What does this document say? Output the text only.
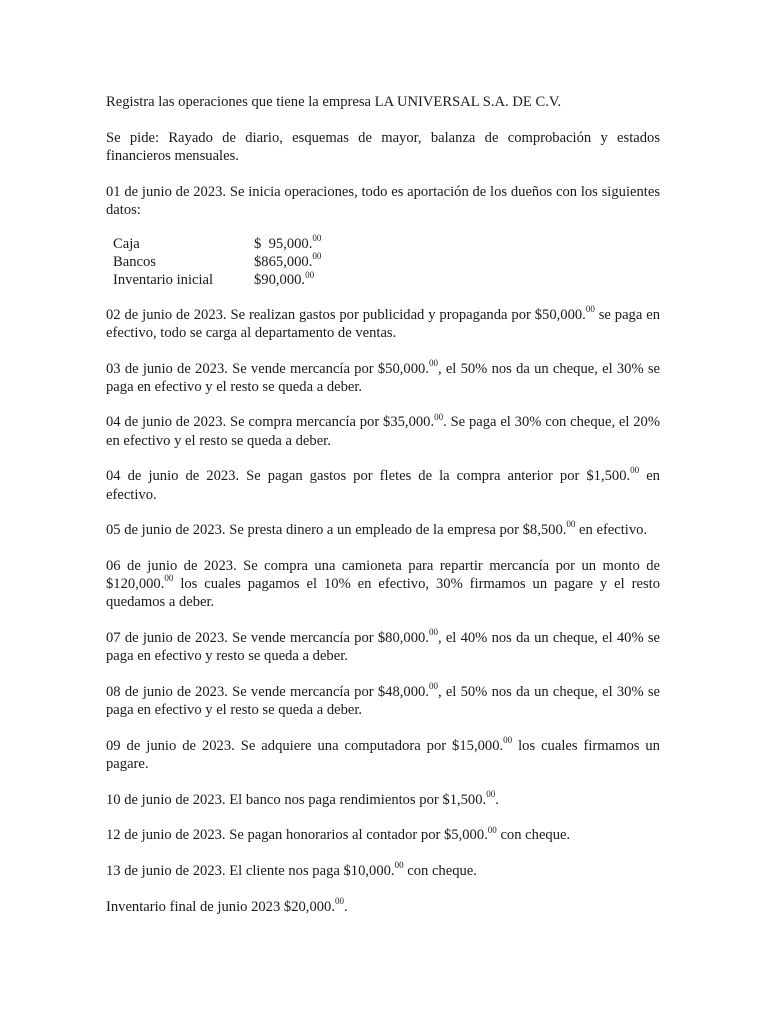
Registra las operaciones que tiene la empresa LA UNIVERSAL S.A. DE C.V.

Se pide: Rayado de diario, esquemas de mayor, balanza de comprobación y estados financieros mensuales.

01 de junio de 2023. Se inicia operaciones, todo es aportación de los dueños con los siguientes datos:

Caja	$  95,000.00
Bancos	$865,000.00
Inventario inicial	$90,000.00

02 de junio de 2023. Se realizan gastos por publicidad y propaganda por $50,000.00 se paga en efectivo, todo se carga al departamento de ventas.

03 de junio de 2023. Se vende mercancía por $50,000.00, el 50% nos da un cheque, el 30% se paga en efectivo y el resto se queda a deber.

04 de junio de 2023. Se compra mercancía por $35,000.00. Se paga el 30% con cheque, el 20% en efectivo y el resto se queda a deber.

04 de junio de 2023. Se pagan gastos por fletes de la compra anterior por $1,500.00 en efectivo.

05 de junio de 2023. Se presta dinero a un empleado de la empresa por $8,500.00 en efectivo.

06 de junio de 2023. Se compra una camioneta para repartir mercancía por un monto de $120,000.00 los cuales pagamos el 10% en efectivo, 30% firmamos un pagare y el resto quedamos a deber.

07 de junio de 2023. Se vende mercancía por $80,000.00, el 40% nos da un cheque, el 40% se paga en efectivo y resto se queda a deber.

08 de junio de 2023. Se vende mercancía por $48,000.00, el 50% nos da un cheque, el 30% se paga en efectivo y el resto se queda a deber.

09 de junio de 2023. Se adquiere una computadora por $15,000.00 los cuales firmamos un pagare.

10 de junio de 2023. El banco nos paga rendimientos por $1,500.00.

12 de junio de 2023. Se pagan honorarios al contador por $5,000.00 con cheque.

13 de junio de 2023. El cliente nos paga $10,000.00 con cheque.

Inventario final de junio 2023 $20,000.00.
